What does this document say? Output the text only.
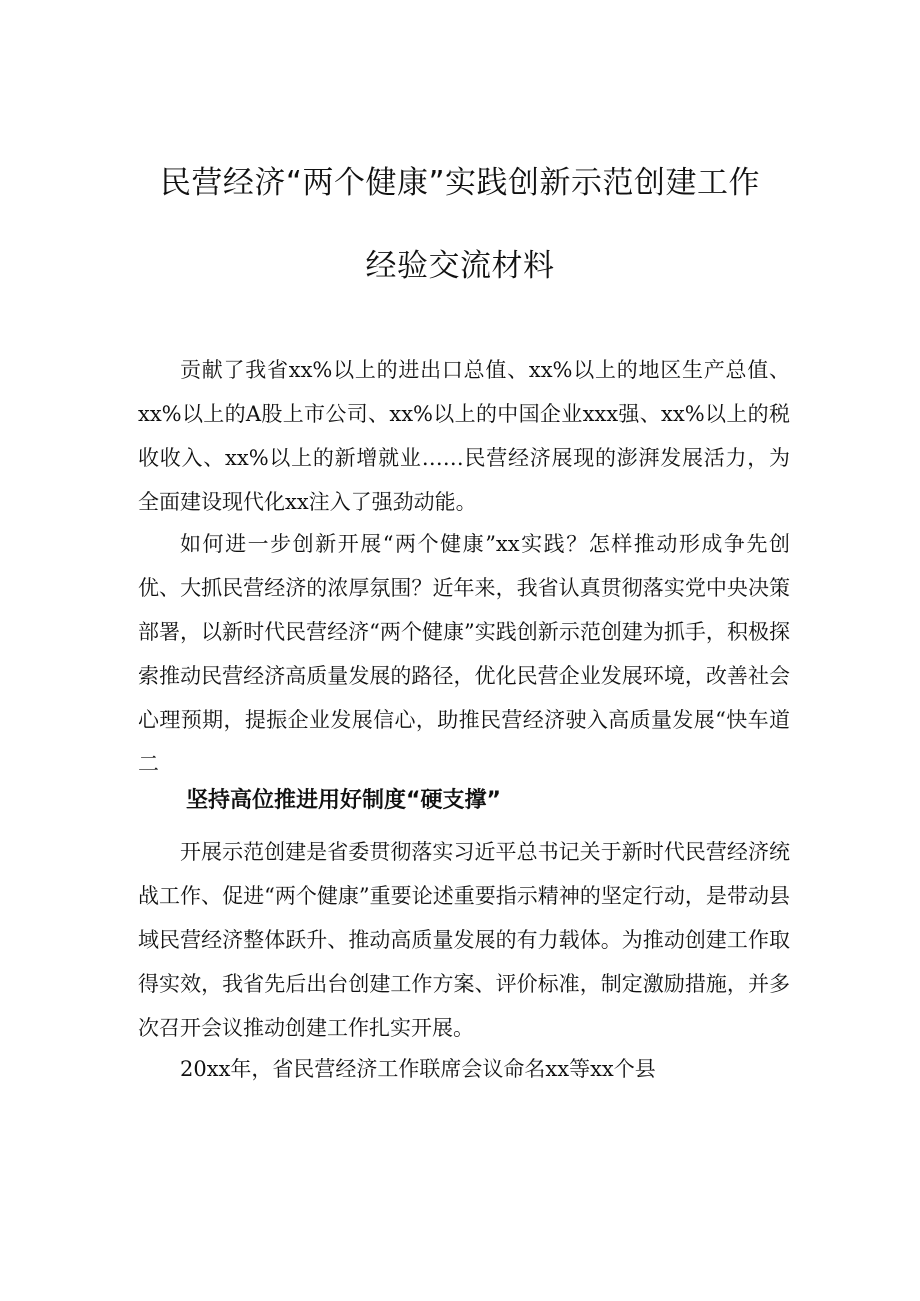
民营经济“两个健康”实践创新示范创建工作
经验交流材料

贡献了我省xx%以上的进出口总值、xx%以上的地区生产总值、xx%以上的A股上市公司、xx%以上的中国企业xxx强、xx%以上的税收收入、xx%以上的新增就业……民营经济展现的澎湃发展活力，为全面建设现代化xx注入了强劲动能。

如何进一步创新开展“两个健康”xx实践？怎样推动形成争先创优、大抓民营经济的浓厚氛围？近年来，我省认真贯彻落实党中央决策部署，以新时代民营经济“两个健康”实践创新示范创建为抓手，积极探索推动民营经济高质量发展的路径，优化民营企业发展环境，改善社会心理预期，提振企业发展信心，助推民营经济驶入高质量发展“快车道二

坚持高位推进用好制度“硬支撑”

开展示范创建是省委贯彻落实习近平总书记关于新时代民营经济统战工作、促进“两个健康”重要论述重要指示精神的坚定行动，是带动县域民营经济整体跃升、推动高质量发展的有力载体。为推动创建工作取得实效，我省先后出台创建工作方案、评价标准，制定激励措施，并多次召开会议推动创建工作扎实开展。

20xx年，省民营经济工作联席会议命名xx等xx个县
